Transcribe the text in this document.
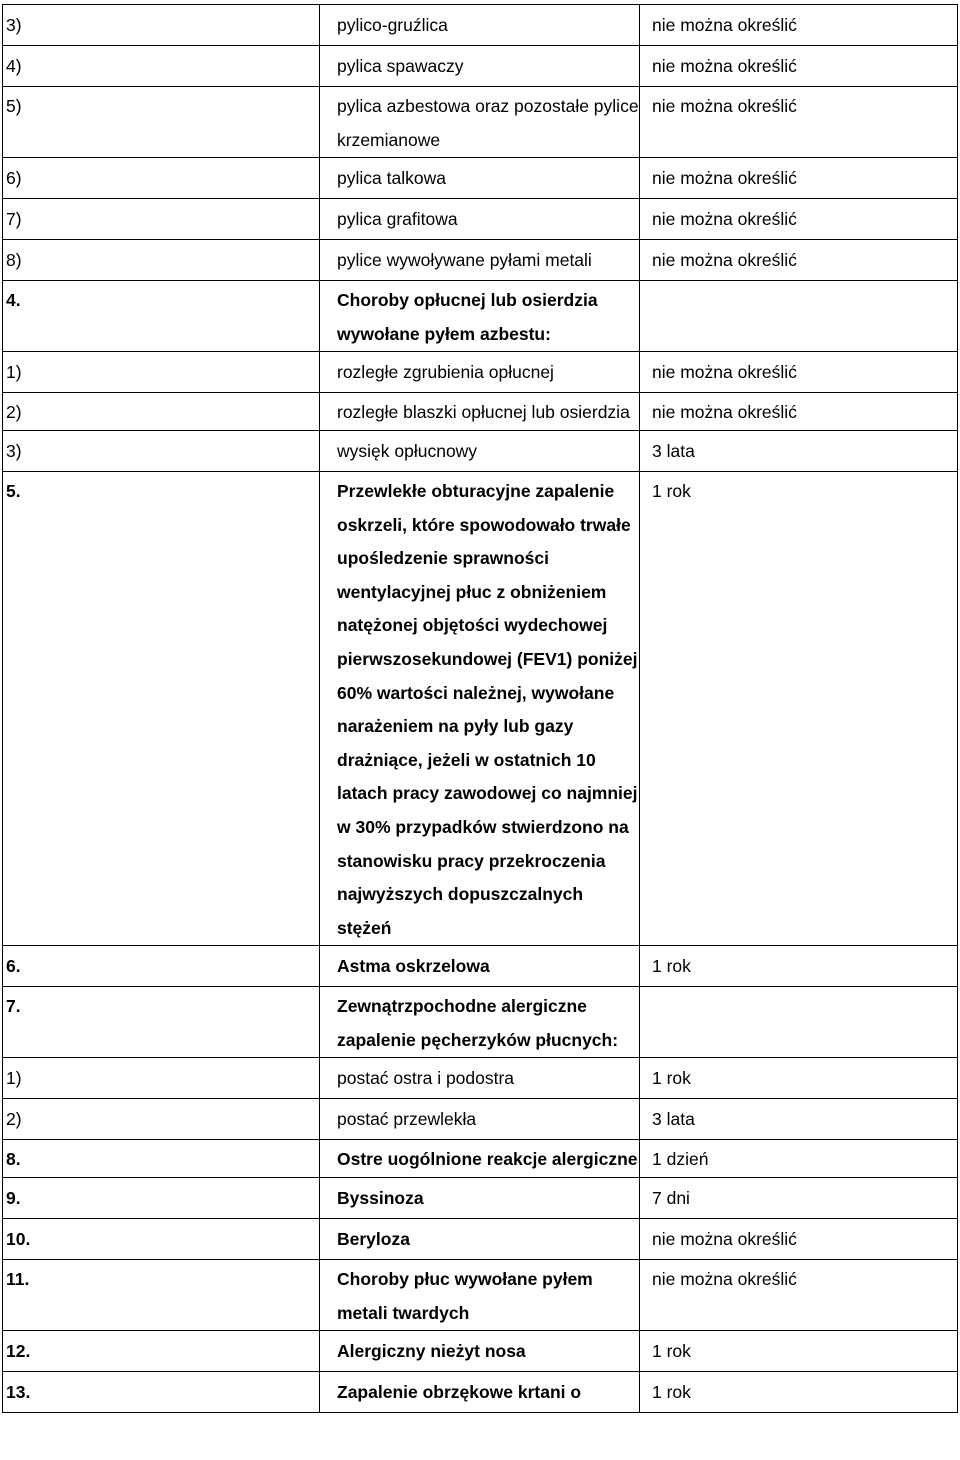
3)	pylico-gruźlica	nie można określić
4)	pylica spawaczy	nie można określić
5)	pylica azbestowa oraz pozostałe pylice krzemianowe	nie można określić
6)	pylica talkowa	nie można określić
7)	pylica grafitowa	nie można określić
8)	pylice wywoływane pyłami metali	nie można określić
4.	Choroby opłucnej lub osierdzia wywołane pyłem azbestu:	
1)	rozległe zgrubienia opłucnej	nie można określić
2)	rozległe blaszki opłucnej lub osierdzia	nie można określić
3)	wysięk opłucnowy	3 lata
5.	Przewlekłe obturacyjne zapalenie oskrzeli, które spowodowało trwałe upośledzenie sprawności wentylacyjnej płuc z obniżeniem natężonej objętości wydechowej pierwszosekundowej (FEV1) poniżej 60% wartości należnej, wywołane narażeniem na pyły lub gazy drażniące, jeżeli w ostatnich 10 latach pracy zawodowej co najmniej w 30% przypadków stwierdzono na stanowisku pracy przekroczenia najwyższych dopuszczalnych stężeń	1 rok
6.	Astma oskrzelowa	1 rok
7.	Zewnątrzpochodne alergiczne zapalenie pęcherzyków płucnych:	
1)	postać ostra i podostra	1 rok
2)	postać przewlekła	3 lata
8.	Ostre uogólnione reakcje alergiczne	1 dzień
9.	Byssinoza	7 dni
10.	Beryloza	nie można określić
11.	Choroby płuc wywołane pyłem metali twardych	nie można określić
12.	Alergiczny nieżyt nosa	1 rok
13.	Zapalenie obrzękowe krtani o	1 rok
